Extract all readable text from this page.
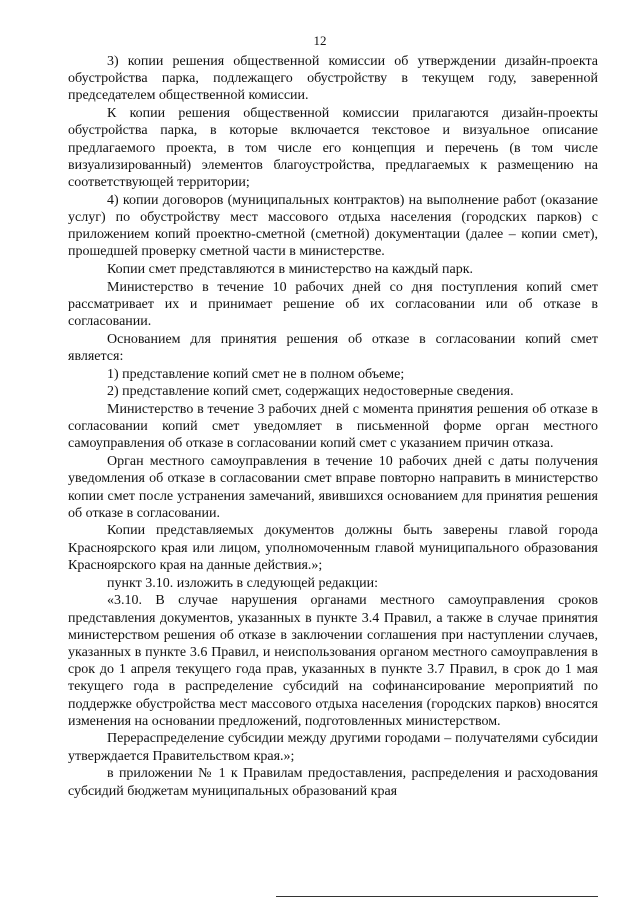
12

3) копии решения общественной комиссии об утверждении дизайн-проекта обустройства парка, подлежащего обустройству в текущем году, заверенной председателем общественной комиссии.

К копии решения общественной комиссии прилагаются дизайн-проекты обустройства парка, в которые включается текстовое и визуальное описание предлагаемого проекта, в том числе его концепция и перечень (в том числе визуализированный) элементов благоустройства, предлагаемых к размещению на соответствующей территории;

4) копии договоров (муниципальных контрактов) на выполнение работ (оказание услуг) по обустройству мест массового отдыха населения (городских парков) с приложением копий проектно-сметной (сметной) документации (далее – копии смет), прошедшей проверку сметной части в министерстве.

Копии смет представляются в министерство на каждый парк.

Министерство в течение 10 рабочих дней со дня поступления копий смет рассматривает их и принимает решение об их согласовании или об отказе в согласовании.

Основанием для принятия решения об отказе в согласовании копий смет является:

1) представление копий смет не в полном объеме;

2) представление копий смет, содержащих недостоверные сведения.

Министерство в течение 3 рабочих дней с момента принятия решения об отказе в согласовании копий смет уведомляет в письменной форме орган местного самоуправления об отказе в согласовании копий смет с указанием причин отказа.

Орган местного самоуправления в течение 10 рабочих дней с даты получения уведомления об отказе в согласовании смет вправе повторно направить в министерство копии смет после устранения замечаний, явившихся основанием для принятия решения об отказе в согласовании.

Копии представляемых документов должны быть заверены главой города Красноярского края или лицом, уполномоченным главой муниципального образования Красноярского края на данные действия.»;

пункт 3.10. изложить в следующей редакции:

«3.10. В случае нарушения органами местного самоуправления сроков представления документов, указанных в пункте 3.4 Правил, а также в случае принятия министерством решения об отказе в заключении соглашения при наступлении случаев, указанных в пункте 3.6 Правил, и неиспользования органом местного самоуправления в срок до 1 апреля текущего года прав, указанных в пункте 3.7 Правил, в срок до 1 мая текущего года в распределение субсидий на софинансирование мероприятий по поддержке обустройства мест массового отдыха населения (городских парков) вносятся изменения на основании предложений, подготовленных министерством.

Перераспределение субсидии между другими городами – получателями субсидии утверждается Правительством края.»;

в приложении № 1 к Правилам предоставления, распределения и расходования субсидий бюджетам муниципальных образований края
